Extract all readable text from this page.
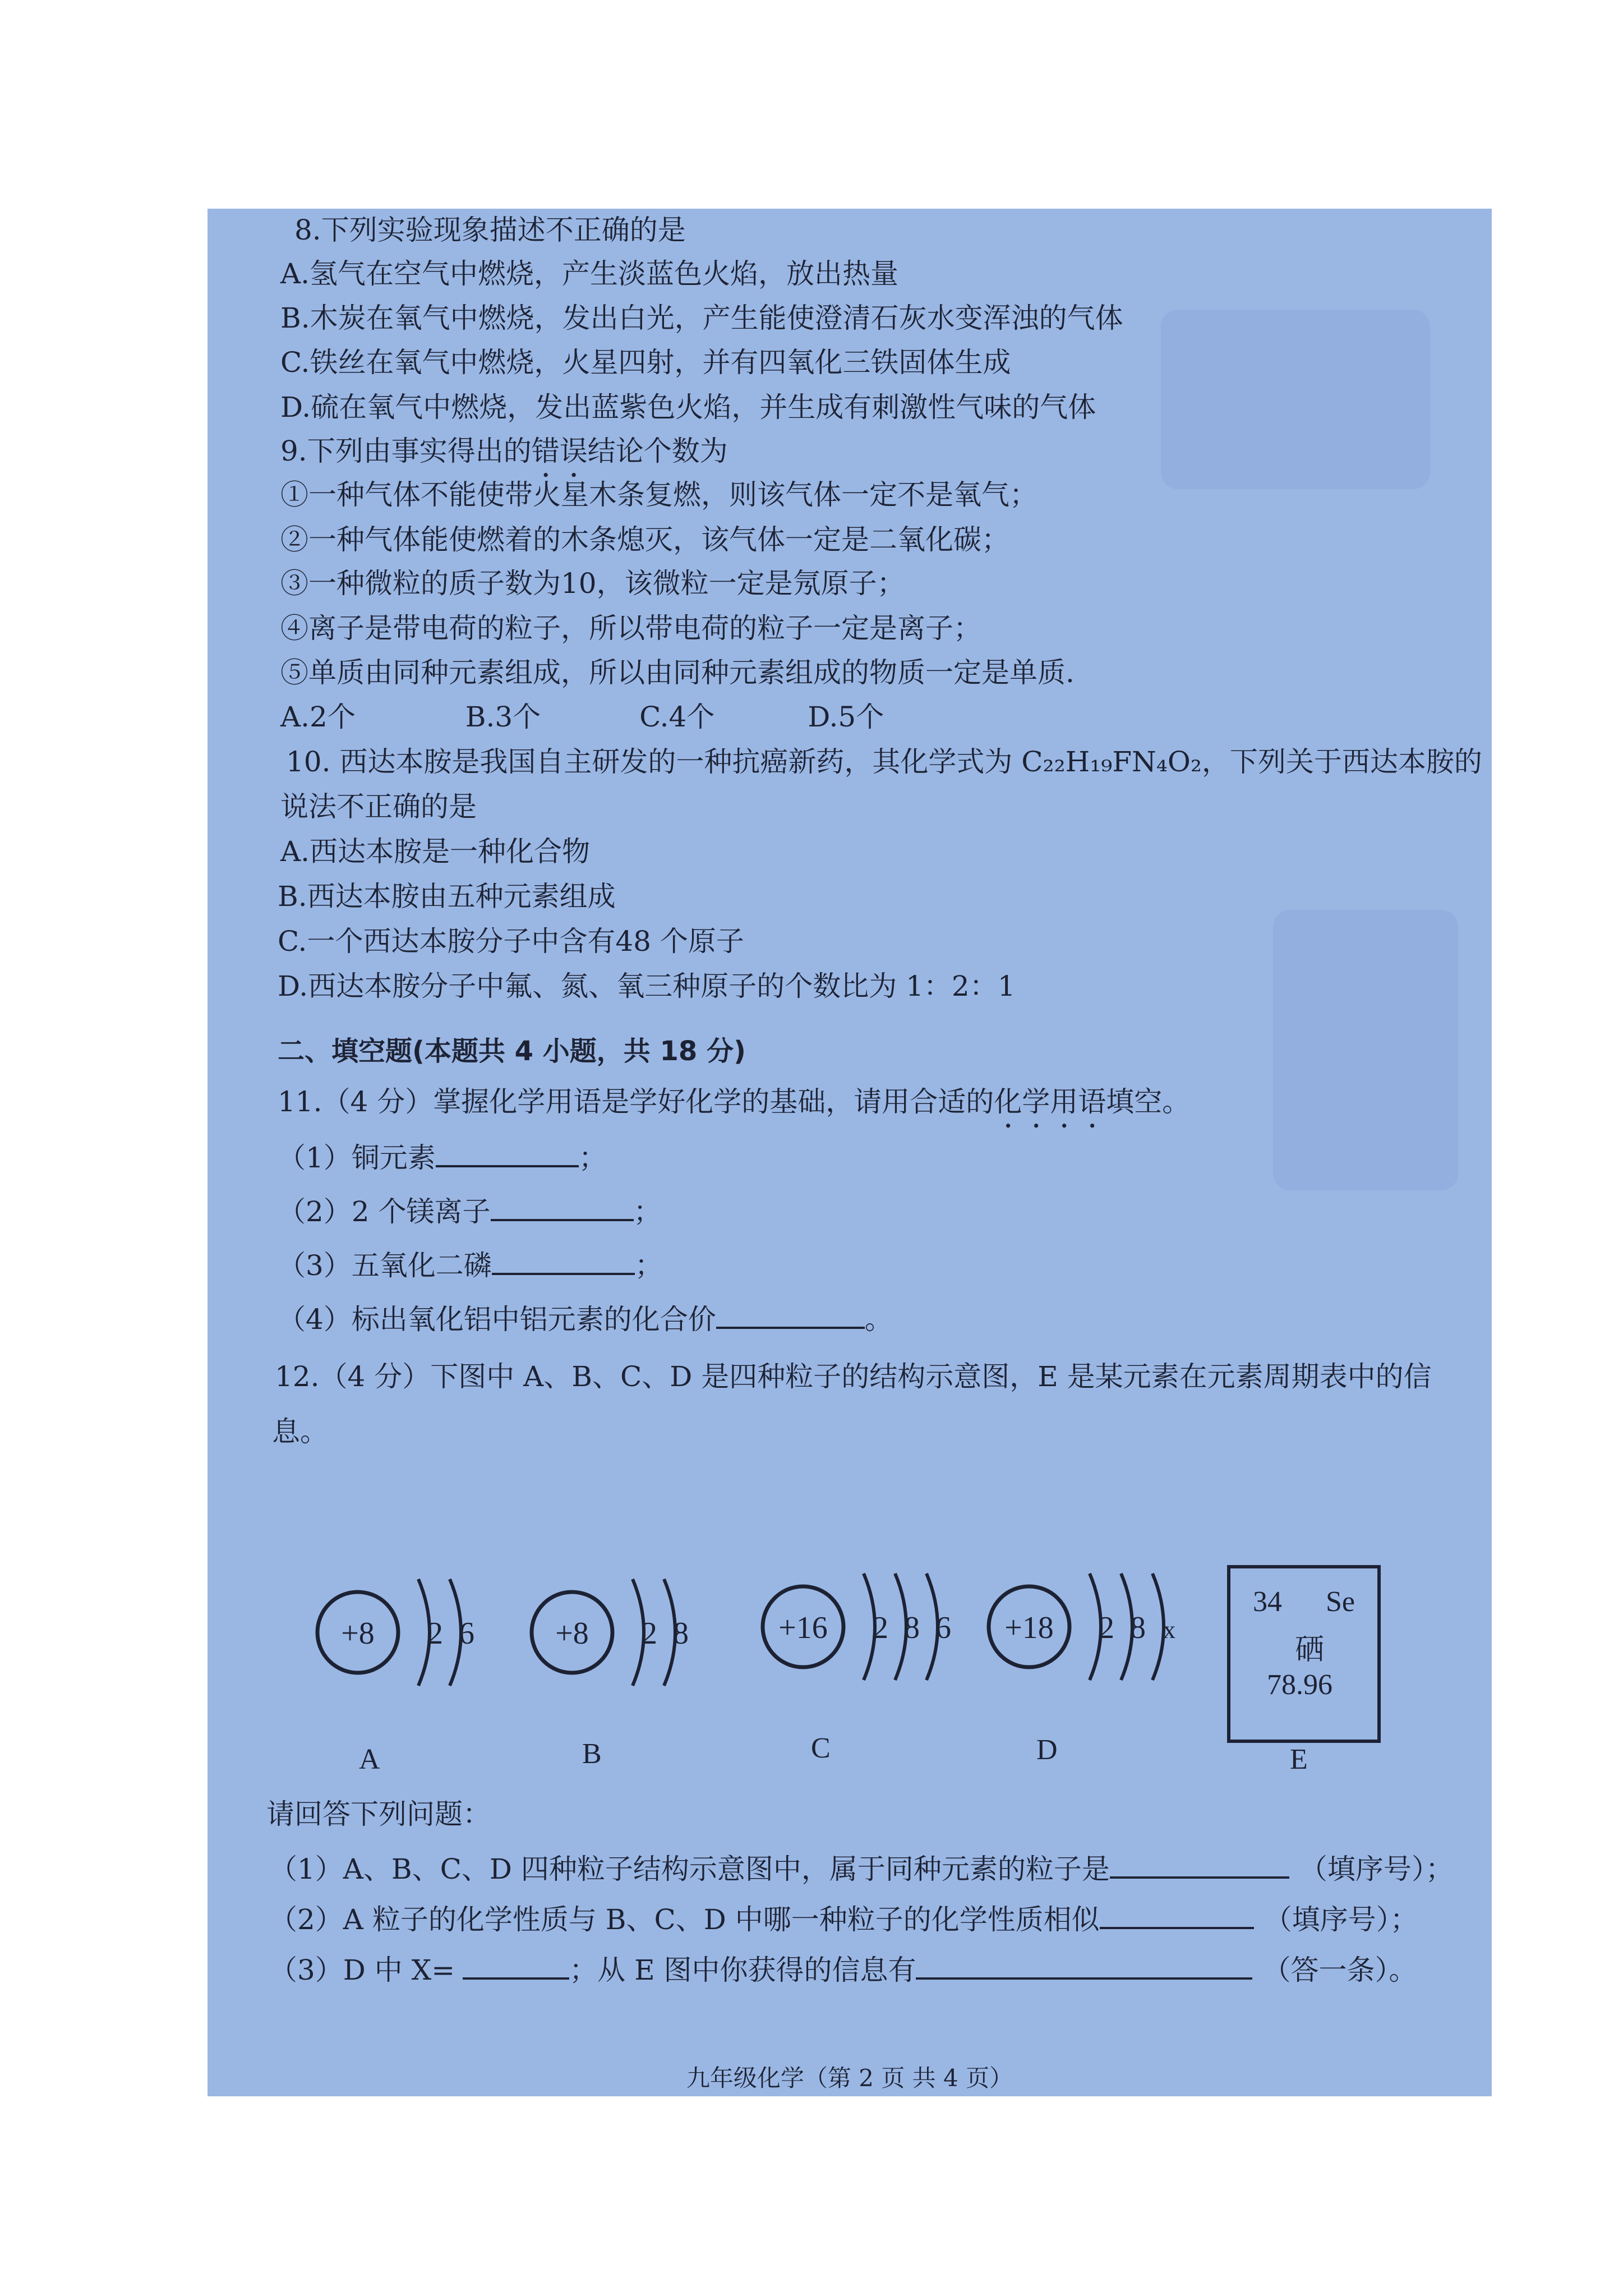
8.下列实验现象描述不正确的是
A.氢气在空气中燃烧，产生淡蓝色火焰，放出热量
B.木炭在氧气中燃烧，发出白光，产生能使澄清石灰水变浑浊的气体
C.铁丝在氧气中燃烧，火星四射，并有四氧化三铁固体生成
D.硫在氧气中燃烧，发出蓝紫色火焰，并生成有刺激性气味的气体
9.下列由事实得出的错误结论个数为
①一种气体不能使带火星木条复燃，则该气体一定不是氧气；
②一种气体能使燃着的木条熄灭，该气体一定是二氧化碳；
③一种微粒的质子数为10，该微粒一定是氖原子；
④离子是带电荷的粒子，所以带电荷的粒子一定是离子；
⑤单质由同种元素组成，所以由同种元素组成的物质一定是单质.
A.2个	B.3个	C.4个	D.5个
10. 西达本胺是我国自主研发的一种抗癌新药，其化学式为 C₂₂H₁₉FN₄O₂，下列关于西达本胺的
说法不正确的是
A.西达本胺是一种化合物
B.西达本胺由五种元素组成
C.一个西达本胺分子中含有48 个原子
D.西达本胺分子中氟、氮、氧三种原子的个数比为 1：2：1
二、填空题(本题共 4 小题，共 18 分)
11.（4 分）掌握化学用语是学好化学的基础，请用合适的化学用语填空。
（1）铜元素	；
（2）2 个镁离子	；
（3）五氧化二磷	；
（4）标出氧化铝中铝元素的化合价	。
12.（4 分）下图中 A、B、C、D 是四种粒子的结构示意图，E 是某元素在元素周期表中的信
息。
+8 2 6	+8 2 8	+16 2 8 6 +18 2 8 x
A	B	C	D
34 Se
硒
78.96
E
请回答下列问题：
（1）A、B、C、D 四种粒子结构示意图中，属于同种元素的粒子是	（填序号）；
（2）A 粒子的化学性质与 B、C、D 中哪一种粒子的化学性质相似	（填序号）；
（3）D 中 X=	；从 E 图中你获得的信息有	（答一条）。
九年级化学（第 2 页 共 4 页）
